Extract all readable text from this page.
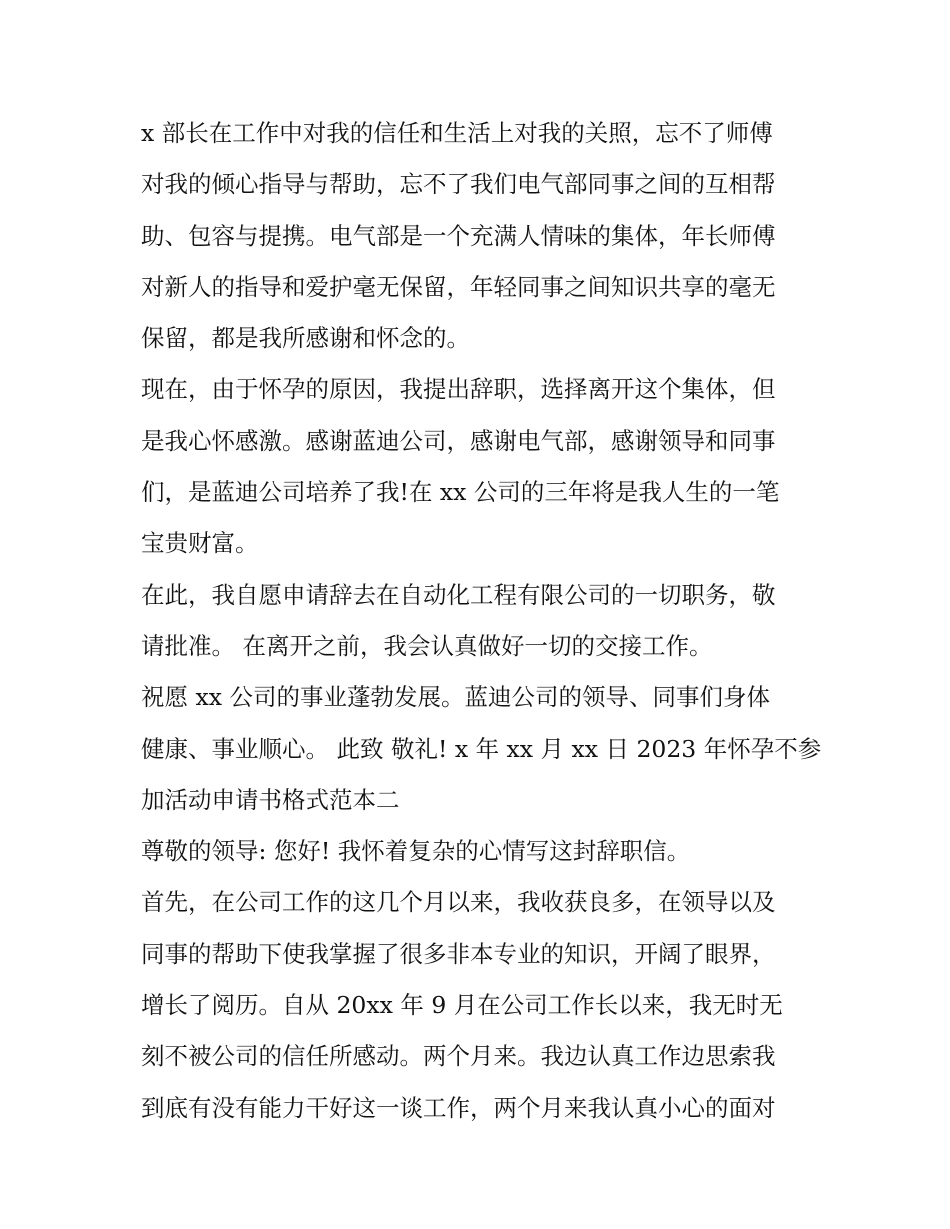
x 部长在工作中对我的信任和生活上对我的关照，忘不了师傅
对我的倾心指导与帮助，忘不了我们电气部同事之间的互相帮
助、包容与提携。电气部是一个充满人情味的集体，年长师傅
对新人的指导和爱护毫无保留，年轻同事之间知识共享的毫无
保留，都是我所感谢和怀念的。
现在，由于怀孕的原因，我提出辞职，选择离开这个集体，但
是我心怀感激。感谢蓝迪公司，感谢电气部，感谢领导和同事
们，是蓝迪公司培养了我!在 xx 公司的三年将是我人生的一笔
宝贵财富。
在此，我自愿申请辞去在自动化工程有限公司的一切职务，敬
请批准。 在离开之前，我会认真做好一切的交接工作。
祝愿 xx 公司的事业蓬勃发展。蓝迪公司的领导、同事们身体
健康、事业顺心。 此致 敬礼! x 年 xx 月 xx 日 2023 年怀孕不参
加活动申请书格式范本二
尊敬的领导: 您好! 我怀着复杂的心情写这封辞职信。
首先，在公司工作的这几个月以来，我收获良多，在领导以及
同事的帮助下使我掌握了很多非本专业的知识，开阔了眼界，
增长了阅历。自从 20xx 年 9 月在公司工作长以来，我无时无
刻不被公司的信任所感动。两个月来。我边认真工作边思索我
到底有没有能力干好这一谈工作，两个月来我认真小心的面对
